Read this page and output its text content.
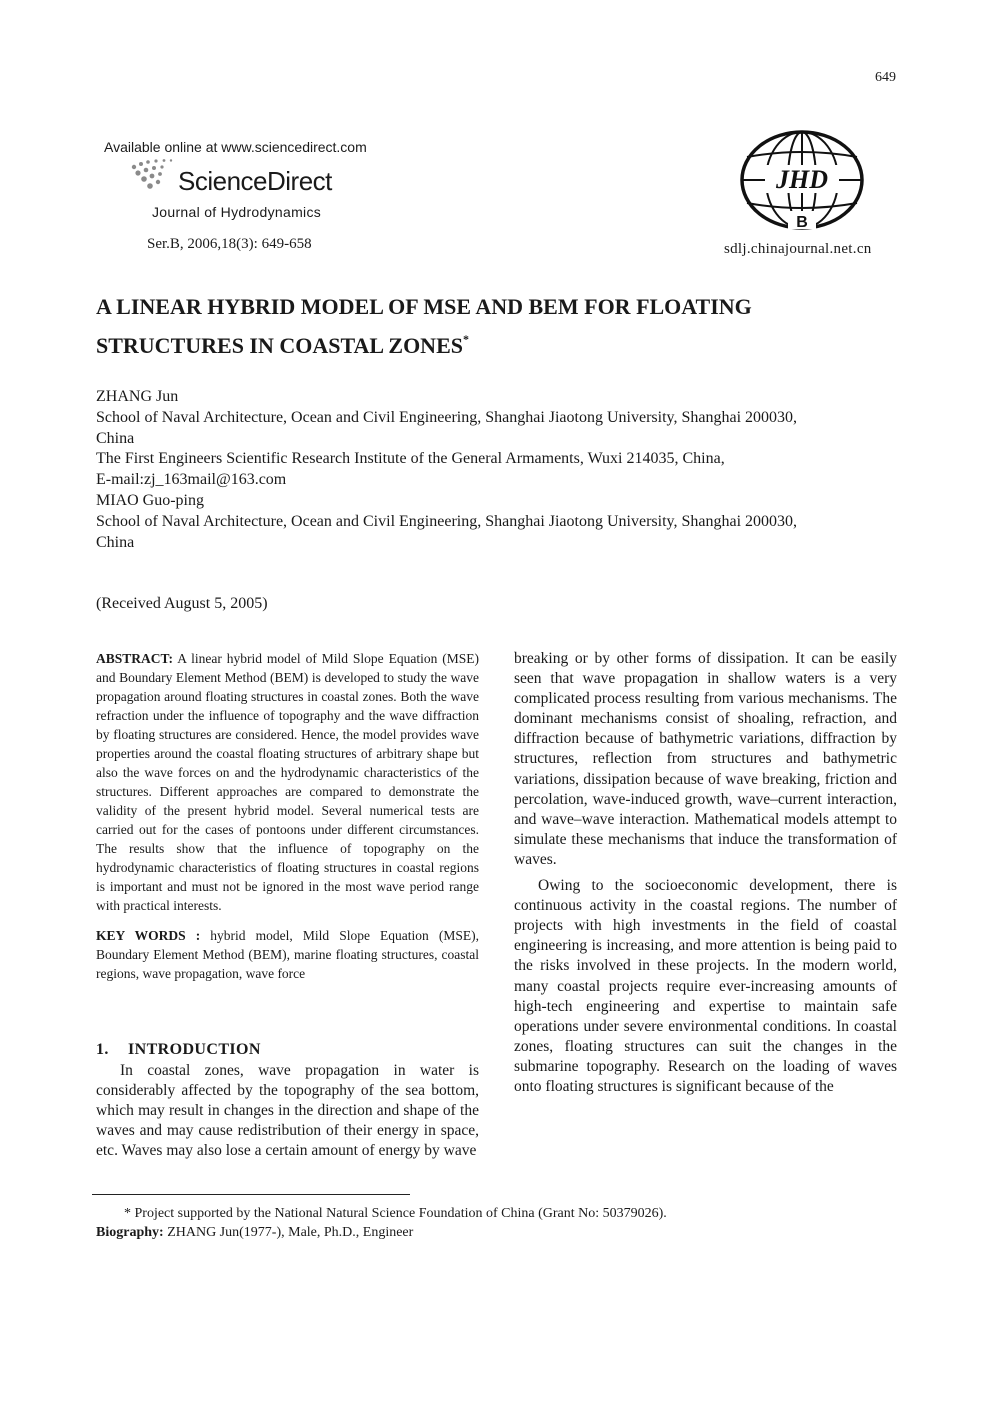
649
Available online at www.sciencedirect.com
ScienceDirect
Journal of Hydrodynamics
Ser.B, 2006,18(3): 649-658
JHD
B
sdlj.chinajournal.net.cn
A LINEAR HYBRID MODEL OF MSE AND BEM FOR FLOATING
STRUCTURES IN COASTAL ZONES*
ZHANG Jun
School of Naval Architecture, Ocean and Civil Engineering, Shanghai Jiaotong University, Shanghai 200030,
China
The First Engineers Scientific Research Institute of the General Armaments, Wuxi 214035, China,
E-mail:zj_163mail@163.com
MIAO Guo-ping
School of Naval Architecture, Ocean and Civil Engineering, Shanghai Jiaotong University, Shanghai 200030,
China
(Received August 5, 2005)

ABSTRACT: A linear hybrid model of Mild Slope Equation (MSE) and Boundary Element Method (BEM) is developed to study the wave propagation around floating structures in coastal zones. Both the wave refraction under the influence of topography and the wave diffraction by floating structures are considered. Hence, the model provides wave properties around the coastal floating structures of arbitrary shape but also the wave forces on and the hydrodynamic characteristics of the structures. Different approaches are compared to demonstrate the validity of the present hybrid model. Several numerical tests are carried out for the cases of pontoons under different circumstances. The results show that the influence of topography on the hydrodynamic characteristics of floating structures in coastal regions is important and must not be ignored in the most wave period range with practical interests.

KEY WORDS : hybrid model, Mild Slope Equation (MSE), Boundary Element Method (BEM), marine floating structures, coastal regions, wave propagation, wave force

1. INTRODUCTION
In coastal zones, wave propagation in water is considerably affected by the topography of the sea bottom, which may result in changes in the direction and shape of the waves and may cause redistribution of their energy in space, etc. Waves may also lose a certain amount of energy by wave

breaking or by other forms of dissipation. It can be easily seen that wave propagation in shallow waters is a very complicated process resulting from various mechanisms. The dominant mechanisms consist of shoaling, refraction, and diffraction because of bathymetric variations, diffraction by structures, reflection from structures and bathymetric variations, dissipation because of wave breaking, friction and percolation, wave-induced growth, wave–current interaction, and wave–wave interaction. Mathematical models attempt to simulate these mechanisms that induce the transformation of waves.

Owing to the socioeconomic development, there is continuous activity in the coastal regions. The number of projects with high investments in the field of coastal engineering is increasing, and more attention is being paid to the risks involved in these projects. In the modern world, many coastal projects require ever-increasing amounts of high-tech engineering and expertise to maintain safe operations under severe environmental conditions. In coastal zones, floating structures can suit the changes in the submarine topography. Research on the loading of waves onto floating structures is significant because of the

* Project supported by the National Natural Science Foundation of China (Grant No: 50379026).
Biography: ZHANG Jun(1977-), Male, Ph.D., Engineer
